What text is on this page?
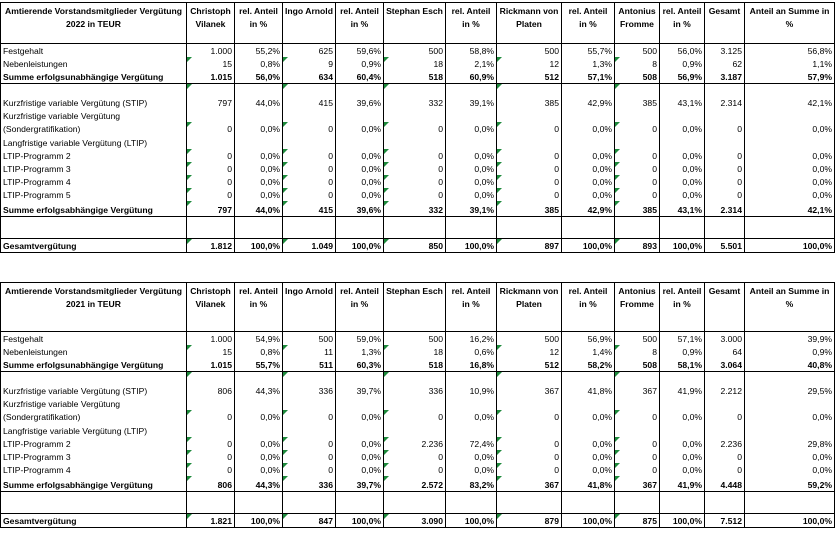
Amtierende Vorstandsmitglieder Vergütung 2022 in TEUR	Christoph Vilanek	rel. Anteil in %	Ingo Arnold	rel. Anteil in %	Stephan Esch	rel. Anteil in %	Rickmann von Platen	rel. Anteil in %	Antonius Fromme	rel. Anteil in %	Gesamt	Anteil an Summe in %
Festgehalt	1.000	55,2%	625	59,6%	500	58,8%	500	55,7%	500	56,0%	3.125	56,8%
Nebenleistungen	15	0,8%	9	0,9%	18	2,1%	12	1,3%	8	0,9%	62	1,1%
Summe erfolgsunabhängige Vergütung	1.015	56,0%	634	60,4%	518	60,9%	512	57,1%	508	56,9%	3.187	57,9%
Kurzfristige variable Vergütung (STIP)	797	44,0%	415	39,6%	332	39,1%	385	42,9%	385	43,1%	2.314	42,1%
Kurzfristige variable Vergütung												
(Sondergratifikation)	0	0,0%	0	0,0%	0	0,0%	0	0,0%	0	0,0%	0	0,0%
Langfristige variable Vergütung (LTIP)												
LTIP-Programm 2	0	0,0%	0	0,0%	0	0,0%	0	0,0%	0	0,0%	0	0,0%
LTIP-Programm 3	0	0,0%	0	0,0%	0	0,0%	0	0,0%	0	0,0%	0	0,0%
LTIP-Programm 4	0	0,0%	0	0,0%	0	0,0%	0	0,0%	0	0,0%	0	0,0%
LTIP-Programm 5	0	0,0%	0	0,0%	0	0,0%	0	0,0%	0	0,0%	0	0,0%
Summe erfolgsabhängige Vergütung	797	44,0%	415	39,6%	332	39,1%	385	42,9%	385	43,1%	2.314	42,1%

Gesamtvergütung	1.812	100,0%	1.049	100,0%	850	100,0%	897	100,0%	893	100,0%	5.501	100,0%
Amtierende Vorstandsmitglieder Vergütung 2021 in TEUR	Christoph Vilanek	rel. Anteil in %	Ingo Arnold	rel. Anteil in %	Stephan Esch	rel. Anteil in %	Rickmann von Platen	rel. Anteil in %	Antonius Fromme	rel. Anteil in %	Gesamt	Anteil an Summe in %
Festgehalt	1.000	54,9%	500	59,0%	500	16,2%	500	56,9%	500	57,1%	3.000	39,9%
Nebenleistungen	15	0,8%	11	1,3%	18	0,6%	12	1,4%	8	0,9%	64	0,9%
Summe erfolgsunabhängige Vergütung	1.015	55,7%	511	60,3%	518	16,8%	512	58,2%	508	58,1%	3.064	40,8%
Kurzfristige variable Vergütung (STIP)	806	44,3%	336	39,7%	336	10,9%	367	41,8%	367	41,9%	2.212	29,5%
Kurzfristige variable Vergütung												
(Sondergratifikation)	0	0,0%	0	0,0%	0	0,0%	0	0,0%	0	0,0%	0	0,0%
Langfristige variable Vergütung (LTIP)												
LTIP-Programm 2	0	0,0%	0	0,0%	2.236	72,4%	0	0,0%	0	0,0%	2.236	29,8%
LTIP-Programm 3	0	0,0%	0	0,0%	0	0,0%	0	0,0%	0	0,0%	0	0,0%
LTIP-Programm 4	0	0,0%	0	0,0%	0	0,0%	0	0,0%	0	0,0%	0	0,0%
Summe erfolgsabhängige Vergütung	806	44,3%	336	39,7%	2.572	83,2%	367	41,8%	367	41,9%	4.448	59,2%

Gesamtvergütung	1.821	100,0%	847	100,0%	3.090	100,0%	879	100,0%	875	100,0%	7.512	100,0%
